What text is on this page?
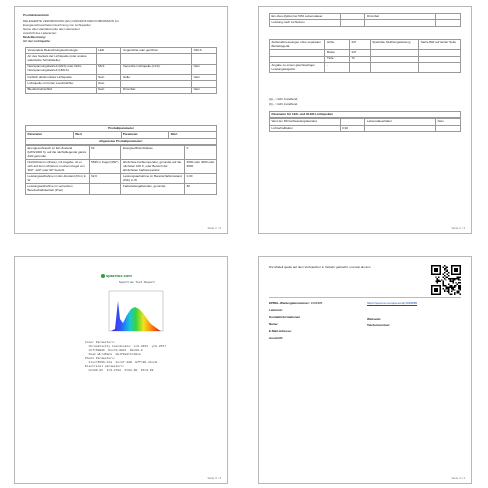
Produktdatenblatt
DELEGIERTE VERORDNUNG (EU) 2019/2015 DER KOMMISSION zur
Energieverbrauchskennzeichnung von Lichtquellen
Name oder Handelsmarke des Lieferanten:
Anschrift des Lieferanten:
Modellkennung:
Art der Lichtquelle:
Verwendete Beleuchtungstechnologie:	LED	Ungerichtet oder gerichtet:	NDLS
Art des Sockels der Lichtquelle (oder andere elektrische Schnittstelle):			
Netzspannungsbetrieb (MLS) oder Nicht-Netzspannungsbetrieb (NMLS):	MLS	Vernetzte Lichtquelle (CLS):	Nein
Farblich abstimmbare Lichtquelle:	Nein	Hülle:	Nein
Lichtquelle mit hoher Leuchtdichte:	Nein		
Blendschutzschild:	Nein	Dimmbar:	Nein
Produktparameter
Parameter	Wert	Parameter	Wert
Allgemeine Produktparameter:
Energieverbrauch im Ein-Zustand (kWh/1000 h), auf die nächstliegende ganze Zahl gerundet	63	Energieeffizienzklasse	F
Nutzlichtstrom (Φuse), mit Angabe, ob er sich auf den Lichtstrom in einem Kegel von 360°, 120° oder 90° bezieht	5596 in Kugel (360°)	ähnlichste Farbtemperatur, gerundet auf die nächsten 100 K, oder Bereich der ähnlichsten Farbtemperatur	5000 oder 4000 oder 6500
Leistungsaufnahme im Ein-Zustand (Pon) in W	62,6	Leistungsaufnahme im Bereitschaftszustand (Psb) in W	0,00
Leistungsaufnahme im vernetzten Bereitschaftsbetrieb (Pnet)		Farbwiedergabeindex, gerundet	80
Seite 1 / 4
Ein-/Aus-Zyklus bei 50% Lebensdauer		Dimmbar	
Leistung nach Lichtstrom			
Außenabmessungen ohne separates Betriebsgerät	Höhe	347	Spektrale Strahlungsleistung	Siehe Bild auf letzter Seite
	Breite	347		
	Tiefe	72		
Angabe zu einem gleichwertigen Leistungsangebot	-			
Parameter für LED- und OLED-Lichtquellen
Wert der R9 Farbwiedergabeindex		Lebensdauerfaktor	Nein
Lichterhaltfaktor	0,90		
(a) ‚-' nicht zutreffend;
(b) ‚-' nicht zutreffend.
Seite 2 / 4
sparelux.com
Spectrum Test Report
Color Parameters:
Chromaticity Coordinate: x=0.3452  y=0.3577
CCT=5000K  Duv=0.0021  Ra=80.0
Peak WL=450nm  HalfWidth=20nm
Photo Parameters:
Flux=5596.0lm  Fe=17.28W  Eff=89.4lm/W
Electrical parameters:
U=230.0V  I=0.272A  P=62.6W  PF=0.99
Seite 3 / 4
Die Modell quelle auf dem Verbraucher in Verkehr gebracht, und war als den
EPREL-Wiedergabenummer: 1093985
Lieferant:
Kontaktinformationen
Name:
E-Mail-Adresse:
Anschrift:
https://eprel.ec.europa.eu/qr/1093985
Webseite:
Telefonnummer:
Seite 4 / 4
